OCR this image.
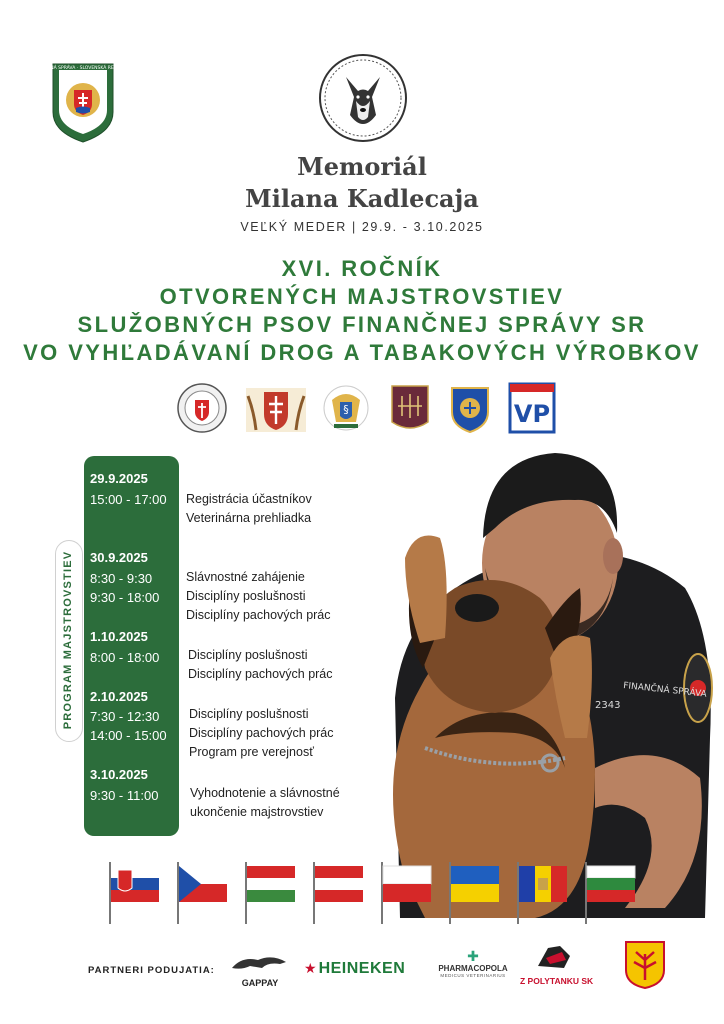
FINANČNÁ SPRÁVA · SLOVENSKÁ REPUBLIKA
Memoriál
Milana Kadlecaja
VEĽKÝ MEDER | 29.9. - 3.10.2025
XVI. ROČNÍK
OTVORENÝCH MAJSTROVSTIEV
SLUŽOBNÝCH PSOV FINANČNEJ SPRÁVY SR
VO VYHĽADÁVANÍ DROG A TABAKOVÝCH VÝROBKOV
§	VP
FINANČNÁ SPRÁVA
2343
PROGRAM MAJSTROVSTIEV
29.9.2025
15:00 - 17:00 Registrácia účastníkov
Veterinárna prehliadka
30.9.2025
8:30 - 9:30
9:30 - 18:00
Slávnostné zahájenie
Disciplíny poslušnosti
Disciplíny pachových prác
1.10.2025
8:00 - 18:00 Disciplíny poslušnosti
Disciplíny pachových prác
2.10.2025
7:30 - 12:30
14:00 - 15:00
Disciplíny poslušnosti
Disciplíny pachových prác
Program pre verejnosť
3.10.2025
9:30 - 11:00	Vyhodnotenie a slávnostné
ukončenie majstrovstiev
PARTNERI PODUJATIA:
GAPPAY
★ HEINEKEN
✚
PHARMACOPOLA
MEDICUS VETERINARIUS
Z POLYTANKU SK
